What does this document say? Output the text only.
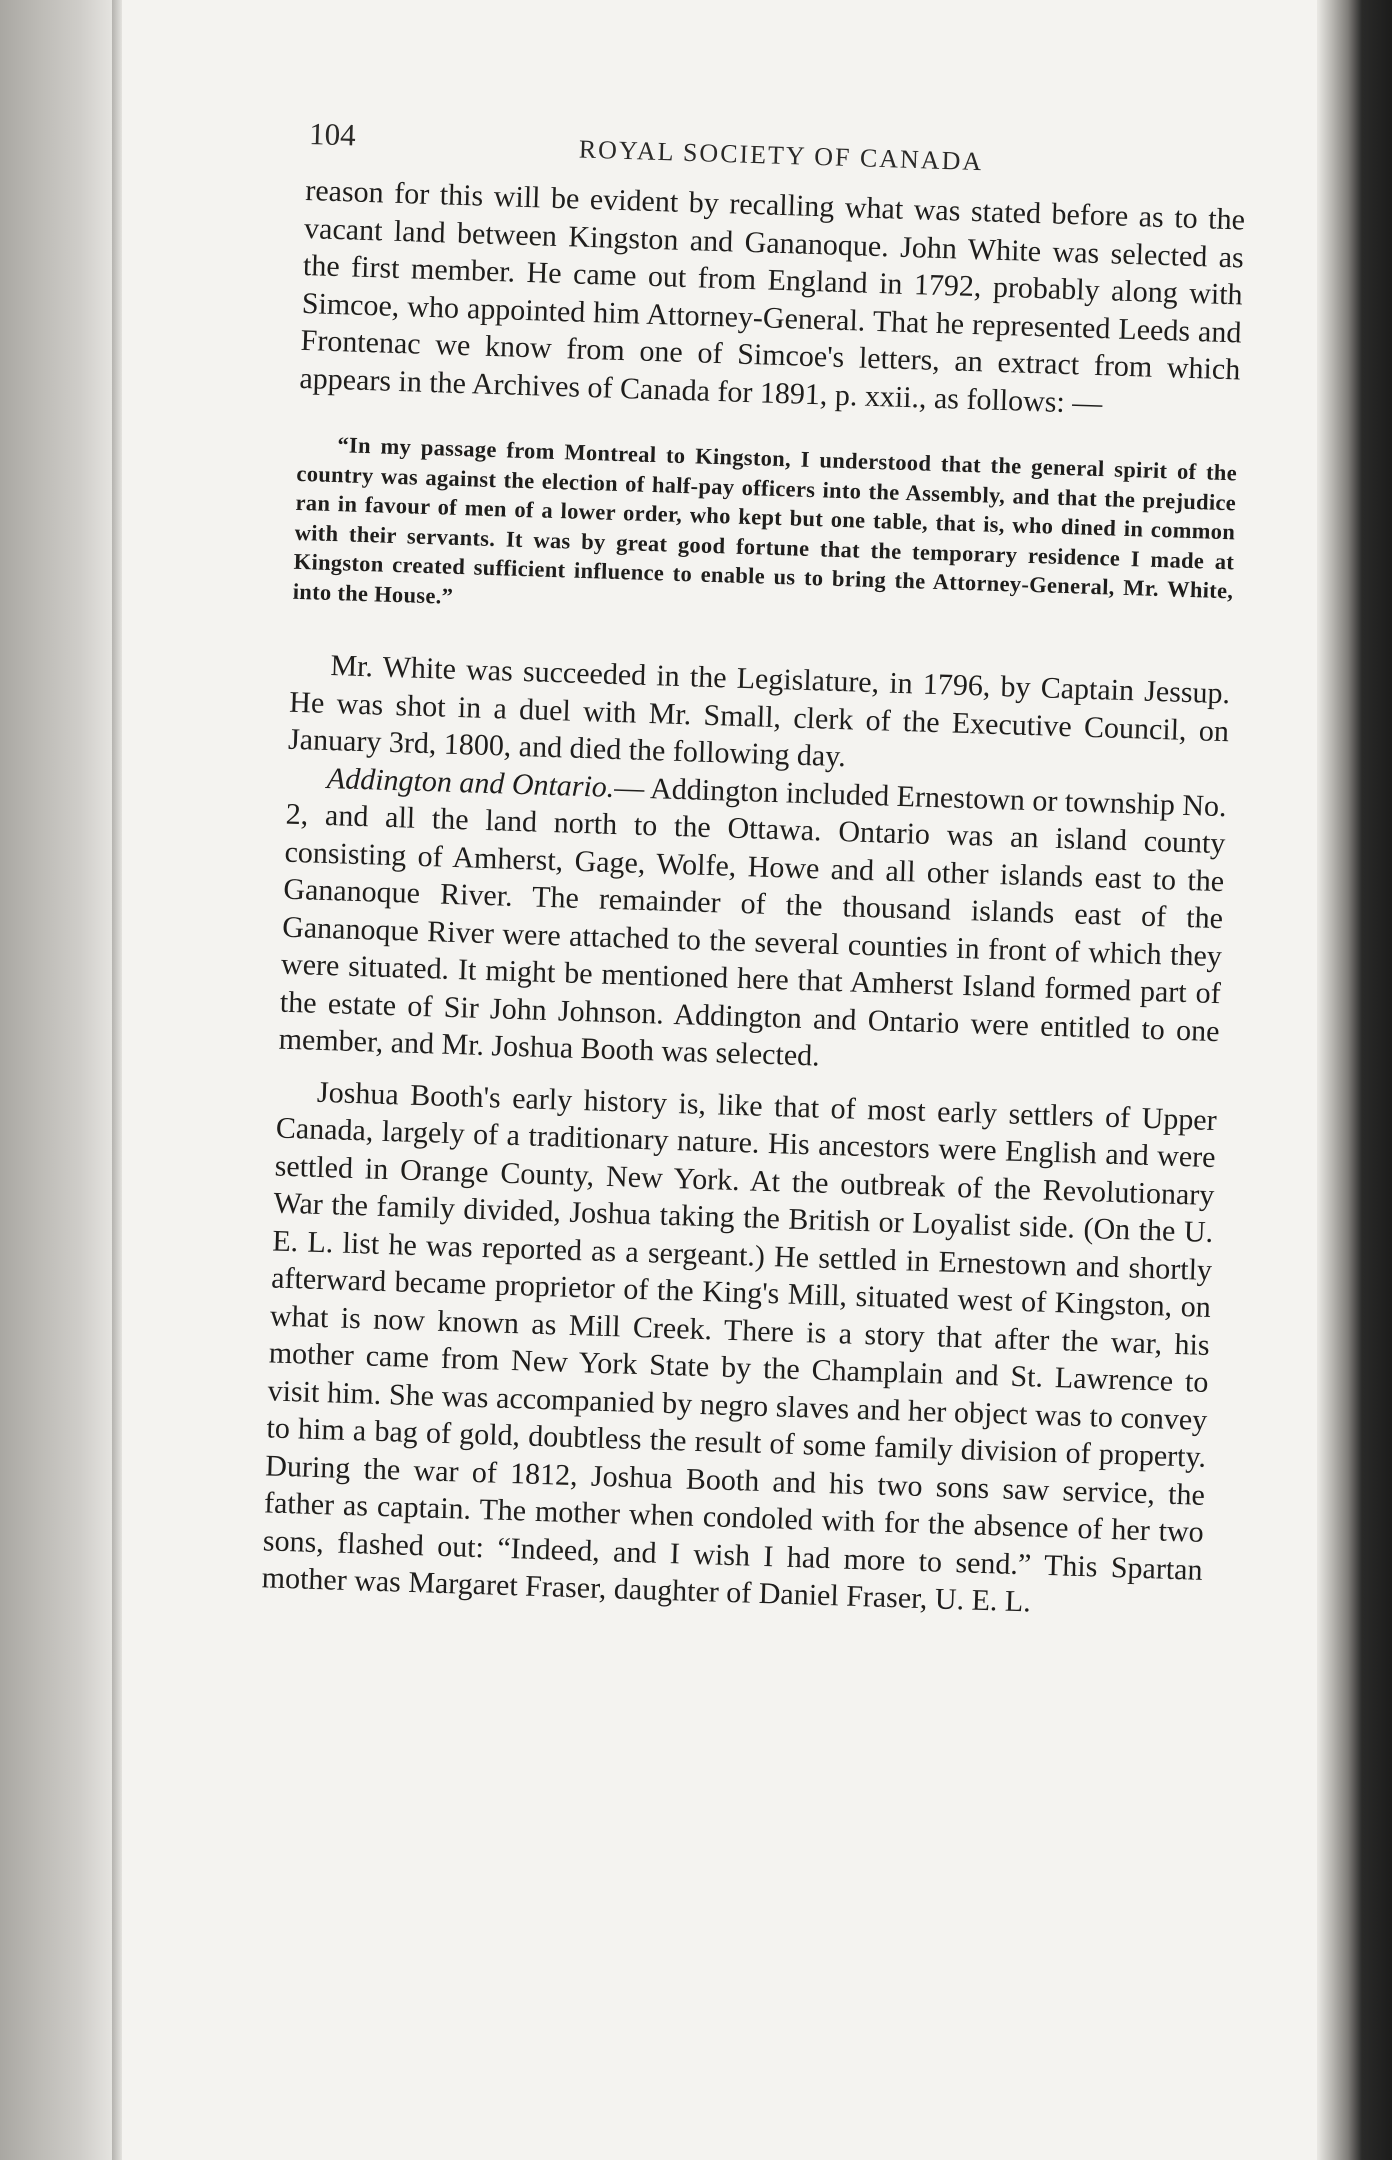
104
ROYAL SOCIETY OF CANADA

reason for this will be evident by recalling what was stated before as to the vacant land between Kingston and Gananoque. John White was selected as the first member. He came out from England in 1792, probably along with Simcoe, who appointed him Attorney-General. That he represented Leeds and Frontenac we know from one of Simcoe's letters, an extract from which appears in the Archives of Canada for 1891, p. xxii., as follows: —

“In my passage from Montreal to Kingston, I understood that the general spirit of the country was against the election of half-pay officers into the Assembly, and that the prejudice ran in favour of men of a lower order, who kept but one table, that is, who dined in common with their servants. It was by great good fortune that the temporary residence I made at Kingston created sufficient influence to enable us to bring the Attorney-General, Mr. White, into the House.”

Mr. White was succeeded in the Legislature, in 1796, by Captain Jessup. He was shot in a duel with Mr. Small, clerk of the Executive Council, on January 3rd, 1800, and died the following day.

Addington and Ontario.— Addington included Ernestown or township No. 2, and all the land north to the Ottawa. Ontario was an island county consisting of Amherst, Gage, Wolfe, Howe and all other islands east to the Gananoque River. The remainder of the thousand islands east of the Gananoque River were attached to the several counties in front of which they were situated. It might be mentioned here that Amherst Island formed part of the estate of Sir John Johnson. Addington and Ontario were entitled to one member, and Mr. Joshua Booth was selected.

Joshua Booth's early history is, like that of most early settlers of Upper Canada, largely of a traditionary nature. His ancestors were English and were settled in Orange County, New York. At the outbreak of the Revolutionary War the family divided, Joshua taking the British or Loyalist side. (On the U. E. L. list he was reported as a sergeant.) He settled in Ernestown and shortly afterward became proprietor of the King's Mill, situated west of Kingston, on what is now known as Mill Creek. There is a story that after the war, his mother came from New York State by the Champlain and St. Lawrence to visit him. She was accompanied by negro slaves and her object was to convey to him a bag of gold, doubtless the result of some family division of property. During the war of 1812, Joshua Booth and his two sons saw service, the father as captain. The mother when condoled with for the absence of her two sons, flashed out: “Indeed, and I wish I had more to send.” This Spartan mother was Margaret Fraser, daughter of Daniel Fraser, U. E. L.
